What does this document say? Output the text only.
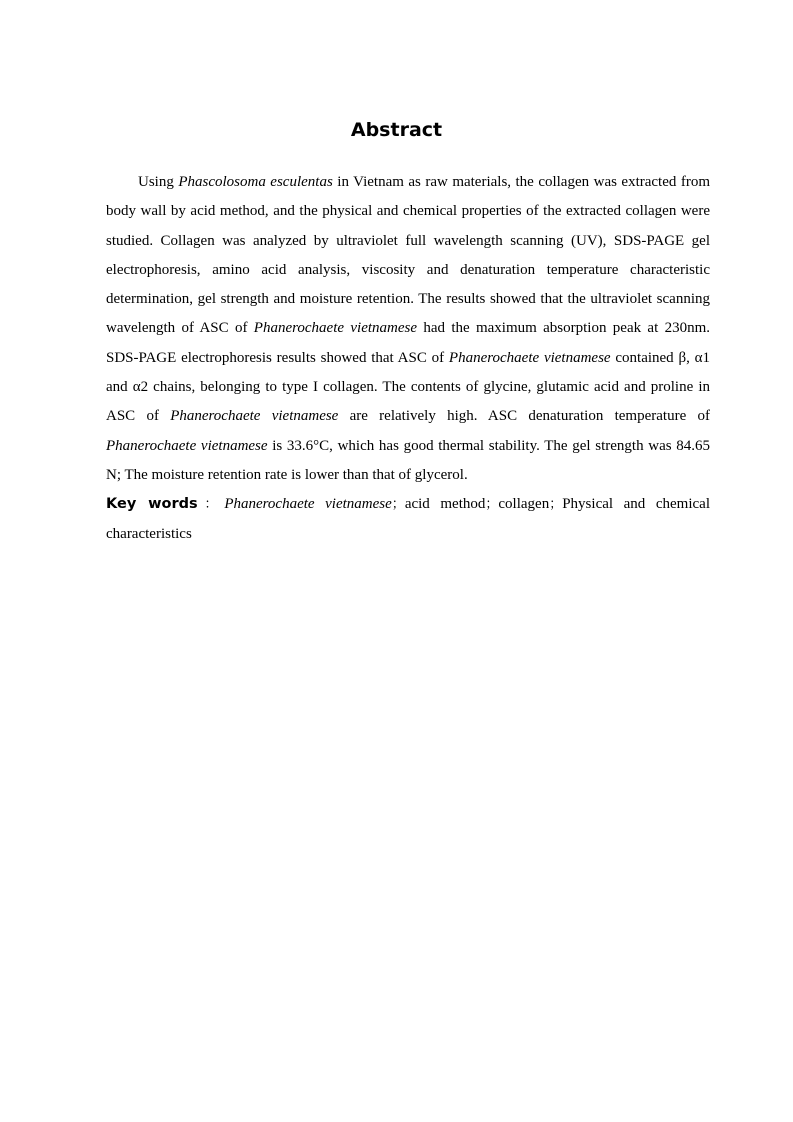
Abstract

Using Phascolosoma esculentas in Vietnam as raw materials, the collagen was extracted from body wall by acid method, and the physical and chemical properties of the extracted collagen were studied. Collagen was analyzed by ultraviolet full wavelength scanning (UV), SDS-PAGE gel electrophoresis, amino acid analysis, viscosity and denaturation temperature characteristic determination, gel strength and moisture retention. The results showed that the ultraviolet scanning wavelength of ASC of Phanerochaete vietnamese had the maximum absorption peak at 230nm. SDS-PAGE electrophoresis results showed that ASC of Phanerochaete vietnamese contained β, α1 and α2 chains, belonging to type I collagen. The contents of glycine, glutamic acid and proline in ASC of Phanerochaete vietnamese are relatively high. ASC denaturation temperature of Phanerochaete vietnamese is 33.6°C, which has good thermal stability. The gel strength was 84.65 N; The moisture retention rate is lower than that of glycerol.

Key words：Phanerochaete vietnamese；acid method；collagen；Physical and chemical characteristics
